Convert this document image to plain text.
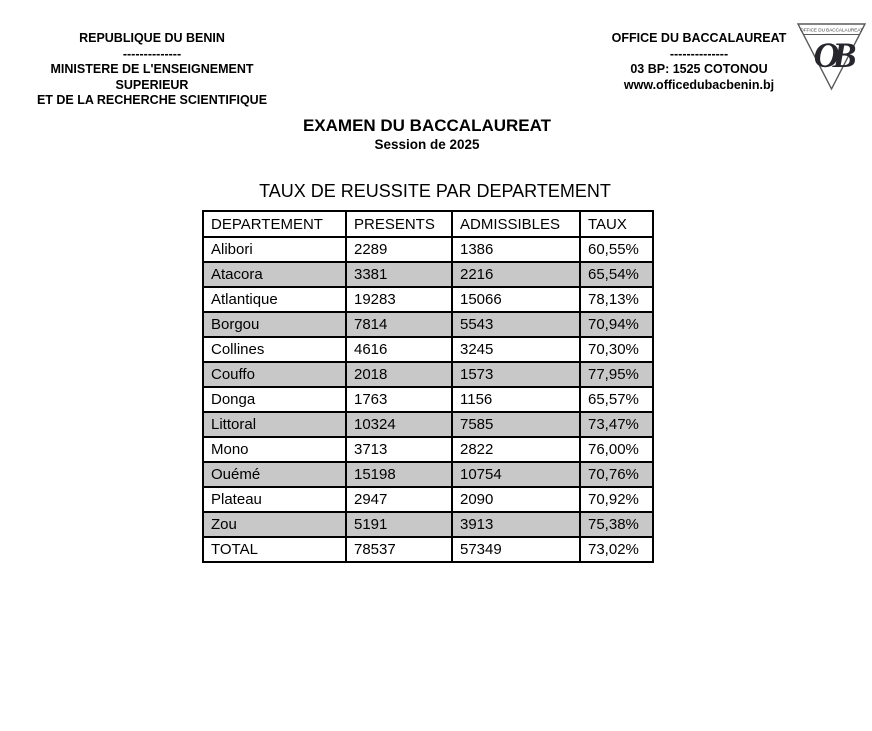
REPUBLIQUE DU BENIN
--------------
MINISTERE DE L'ENSEIGNEMENT
SUPERIEUR
ET DE LA RECHERCHE SCIENTIFIQUE
OFFICE DU BACCALAUREAT
--------------
03 BP: 1525 COTONOU
www.officedubacbenin.bj
OFFICE DU BACCALAUREAT
OB
EXAMEN DU BACCALAUREAT
Session de 2025
TAUX DE REUSSITE PAR DEPARTEMENT
DEPARTEMENT	PRESENTS	ADMISSIBLES	TAUX
Alibori	2289	1386	60,55%
Atacora	3381	2216	65,54%
Atlantique	19283	15066	78,13%
Borgou	7814	5543	70,94%
Collines	4616	3245	70,30%
Couffo	2018	1573	77,95%
Donga	1763	1156	65,57%
Littoral	10324	7585	73,47%
Mono	3713	2822	76,00%
Ouémé	15198	10754	70,76%
Plateau	2947	2090	70,92%
Zou	5191	3913	75,38%
TOTAL	78537	57349	73,02%
